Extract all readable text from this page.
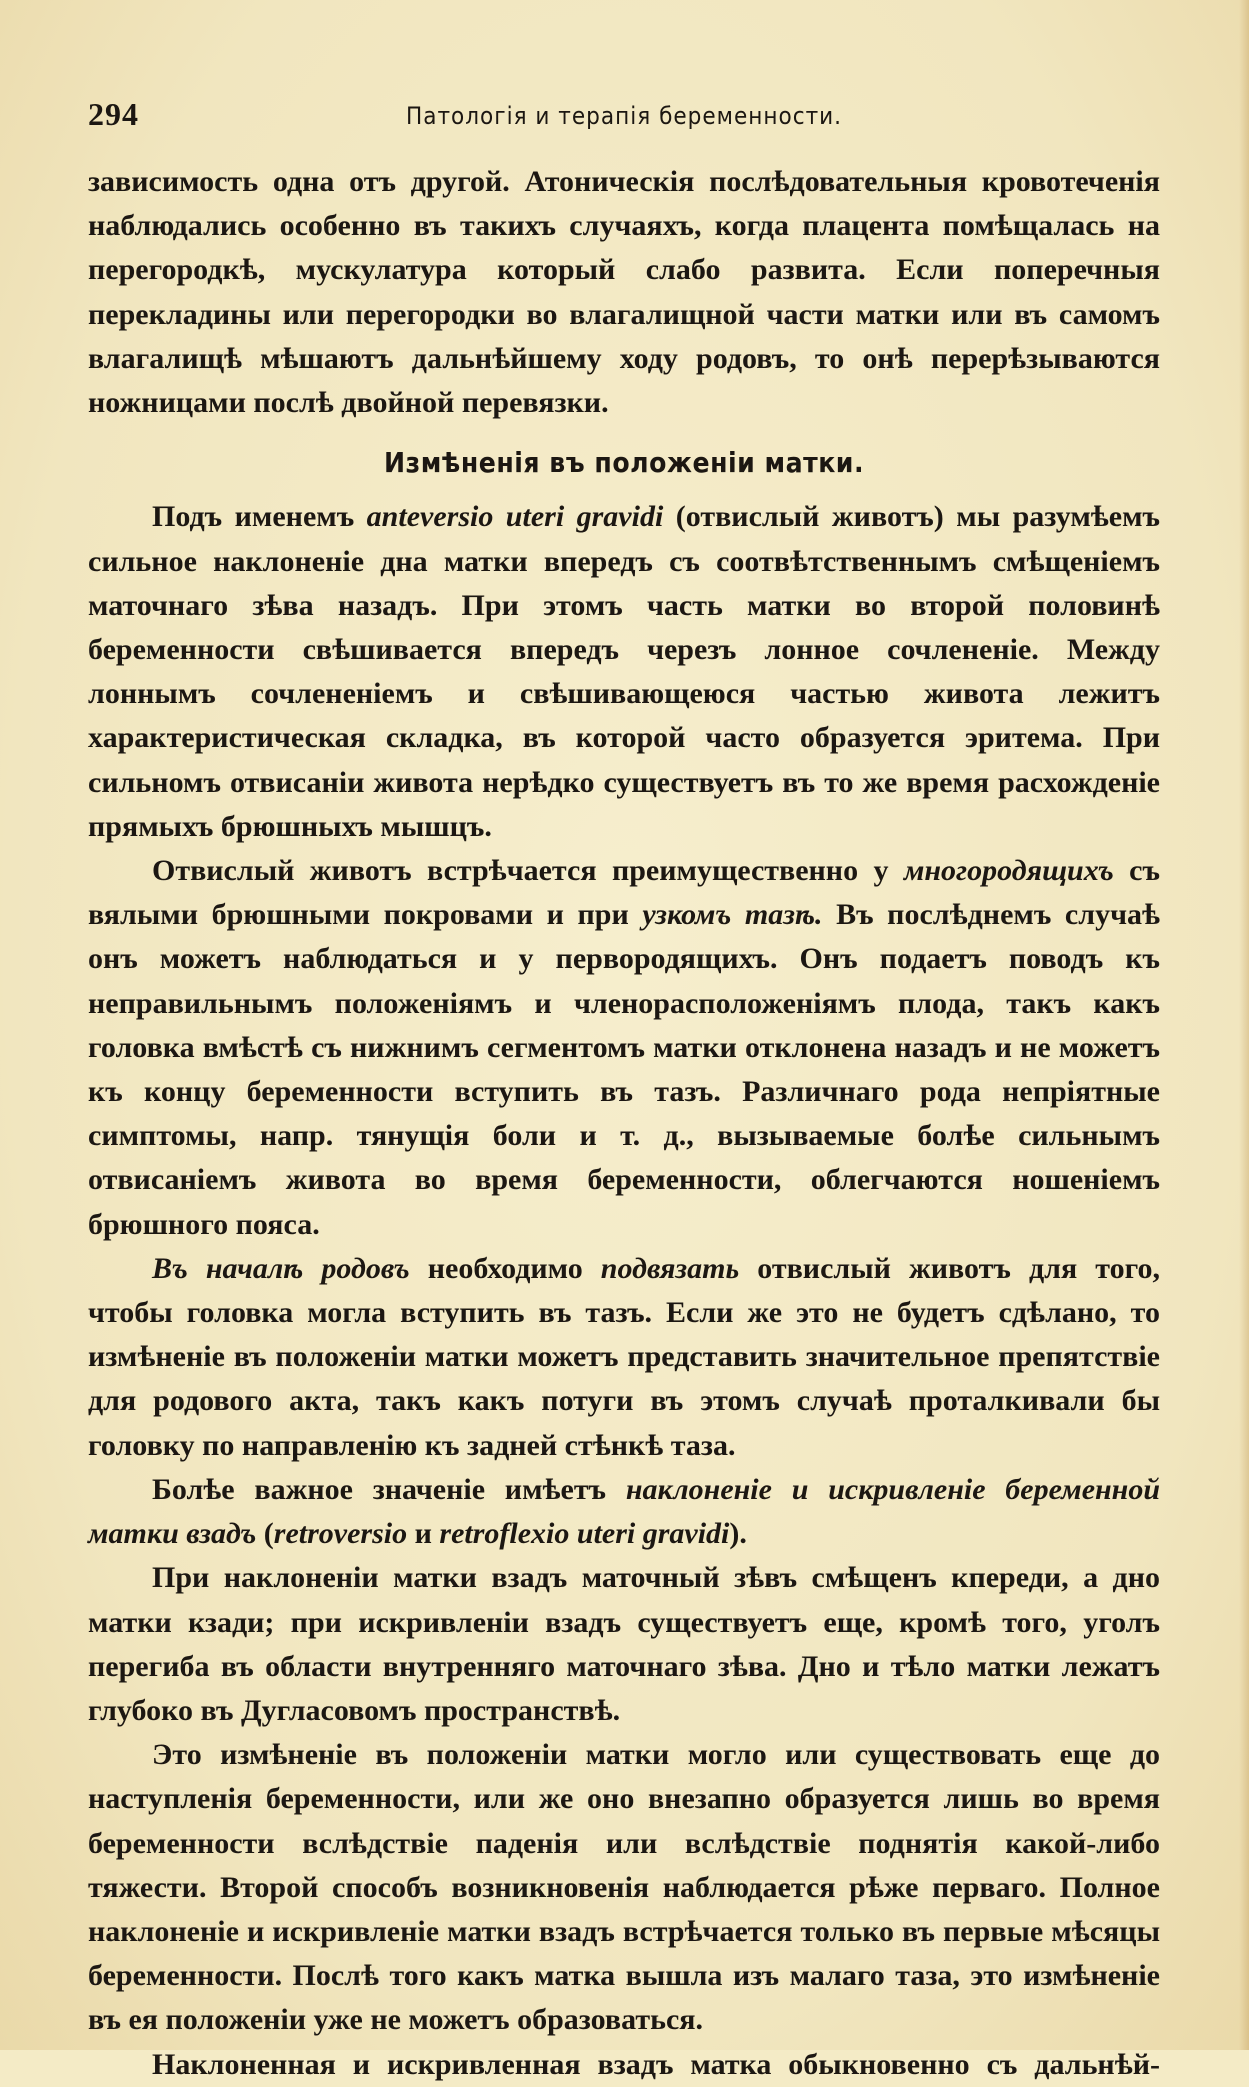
294	Патологiя и терапiя беременности.

зависимость одна отъ другой. Атоническiя послѣдовательныя кровотеченiя наблюдались особенно въ такихъ случаяхъ, когда плацента помѣщалась на перегородкѣ, мускулатура который слабо развита. Если поперечныя перекладины или перегородки во влагалищной части матки или въ самомъ влагалищѣ мѣшаютъ дальнѣйшему ходу родовъ, то онѣ перерѣзываются ножницами послѣ двойной перевязки.

Измѣненiя въ положенiи матки.

Подъ именемъ anteversio uteri gravidi (отвислый животъ) мы разумѣемъ сильное наклоненiе дна матки впередъ съ соотвѣтственнымъ смѣщенiемъ маточнаго зѣва назадъ. При этомъ часть матки во второй половинѣ беременности свѣшивается впередъ черезъ лонное сочлененiе. Между лоннымъ сочлененiемъ и свѣшивающеюся частью живота лежитъ характеристическая складка, въ которой часто образуется эритема. При сильномъ отвисанiи живота нерѣдко существуетъ въ то же время расхожденiе прямыхъ брюшныхъ мышцъ.

Отвислый животъ встрѣчается преимущественно у многородящихъ съ вялыми брюшными покровами и при узкомъ тазѣ. Въ послѣднемъ случаѣ онъ можетъ наблюдаться и у первородящихъ. Онъ подаетъ поводъ къ неправильнымъ положенiямъ и членорасположенiямъ плода, такъ какъ головка вмѣстѣ съ нижнимъ сегментомъ матки отклонена назадъ и не можетъ къ концу беременности вступить въ тазъ. Различнаго рода непрiятные симптомы, напр. тянущiя боли и т. д., вызываемые болѣе сильнымъ отвисанiемъ живота во время беременности, облегчаются ношенiемъ брюшного пояса.

Въ началѣ родовъ необходимо подвязать отвислый животъ для того, чтобы головка могла вступить въ тазъ. Если же это не будетъ сдѣлано, то измѣненiе въ положенiи матки можетъ представить значительное препятствiе для родового акта, такъ какъ потуги въ этомъ случаѣ проталкивали бы головку по направленiю къ задней стѣнкѣ таза.

Болѣе важное значенiе имѣетъ наклоненiе и искривленiе беременной матки взадъ (retroversio и retroflexio uteri gravidi).

При наклоненiи матки взадъ маточный зѣвъ смѣщенъ кпереди, а дно матки кзади; при искривленiи взадъ существуетъ еще, кромѣ того, уголъ перегиба въ области внутренняго маточнаго зѣва. Дно и тѣло матки лежатъ глубоко въ Дугласовомъ пространствѣ.

Это измѣненiе въ положенiи матки могло или существовать еще до наступленiя беременности, или же оно внезапно образуется лишь во время беременности вслѣдствiе паденiя или вслѣдствiе поднятiя какой-либо тяжести. Второй способъ возникновенiя наблюдается рѣже перваго. Полное наклоненiе и искривленiе матки взадъ встрѣчается только въ первые мѣсяцы беременности. Послѣ того какъ матка вышла изъ малаго таза, это измѣненiе въ ея положенiи уже не можетъ образоваться.

Наклоненная и искривленная взадъ матка обыкновенно съ дальнѣй-
